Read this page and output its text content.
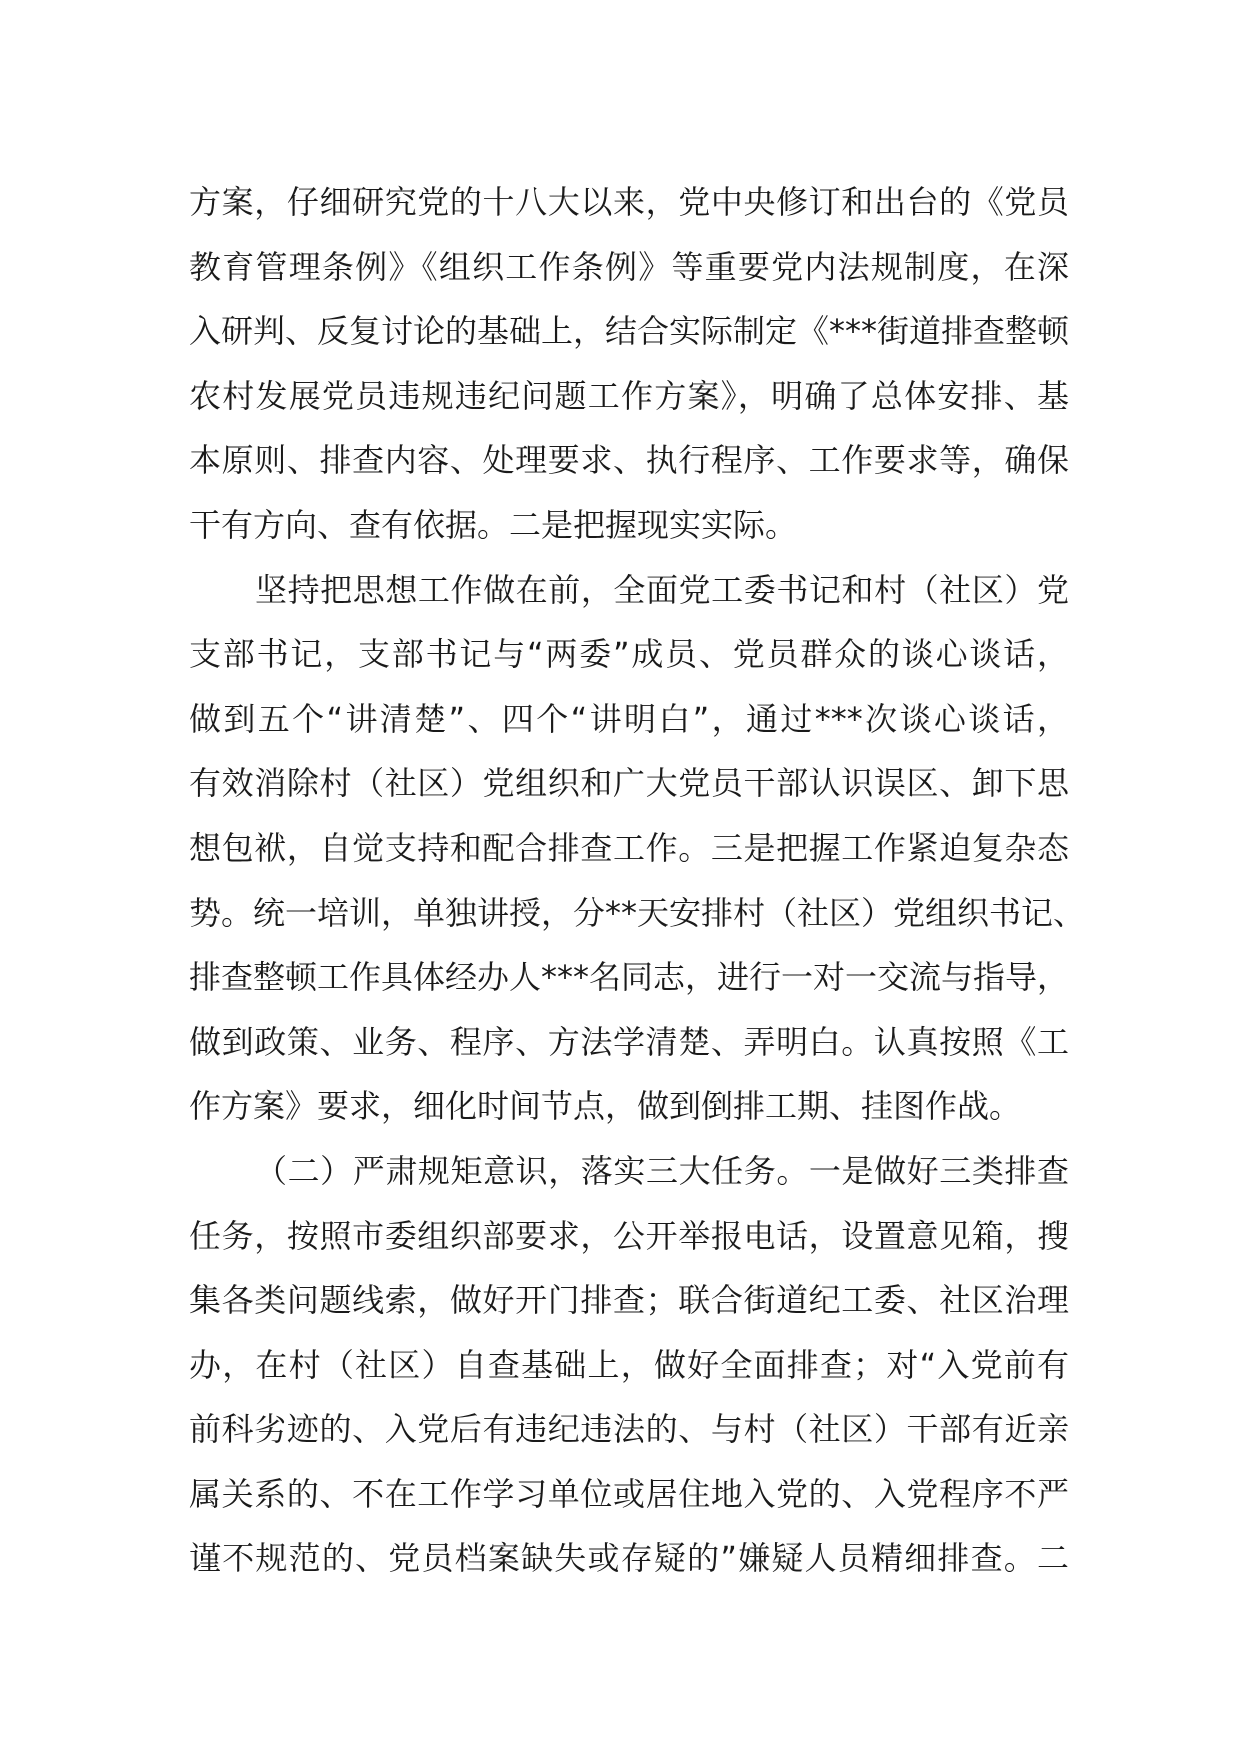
方案，仔细研究党的十八大以来，党中央修订和出台的《党员
教育管理条例》《组织工作条例》等重要党内法规制度，在深
入研判、反复讨论的基础上，结合实际制定《***街道排查整顿
农村发展党员违规违纪问题工作方案》，明确了总体安排、基
本原则、排查内容、处理要求、执行程序、工作要求等，确保
干有方向、查有依据。二是把握现实实际。
坚持把思想工作做在前，全面党工委书记和村（社区）党
支部书记，支部书记与“两委”成员、党员群众的谈心谈话，
做到五个“讲清楚”、四个“讲明白”，通过***次谈心谈话，
有效消除村（社区）党组织和广大党员干部认识误区、卸下思
想包袱，自觉支持和配合排查工作。三是把握工作紧迫复杂态
势。统一培训，单独讲授，分**天安排村（社区）党组织书记、
排查整顿工作具体经办人***名同志，进行一对一交流与指导，
做到政策、业务、程序、方法学清楚、弄明白。认真按照《工
作方案》要求，细化时间节点，做到倒排工期、挂图作战。
（二）严肃规矩意识，落实三大任务。一是做好三类排查
任务，按照市委组织部要求，公开举报电话，设置意见箱，搜
集各类问题线索，做好开门排查；联合街道纪工委、社区治理
办，在村（社区）自查基础上，做好全面排查；对“入党前有
前科劣迹的、入党后有违纪违法的、与村（社区）干部有近亲
属关系的、不在工作学习单位或居住地入党的、入党程序不严
谨不规范的、党员档案缺失或存疑的”嫌疑人员精细排查。二
